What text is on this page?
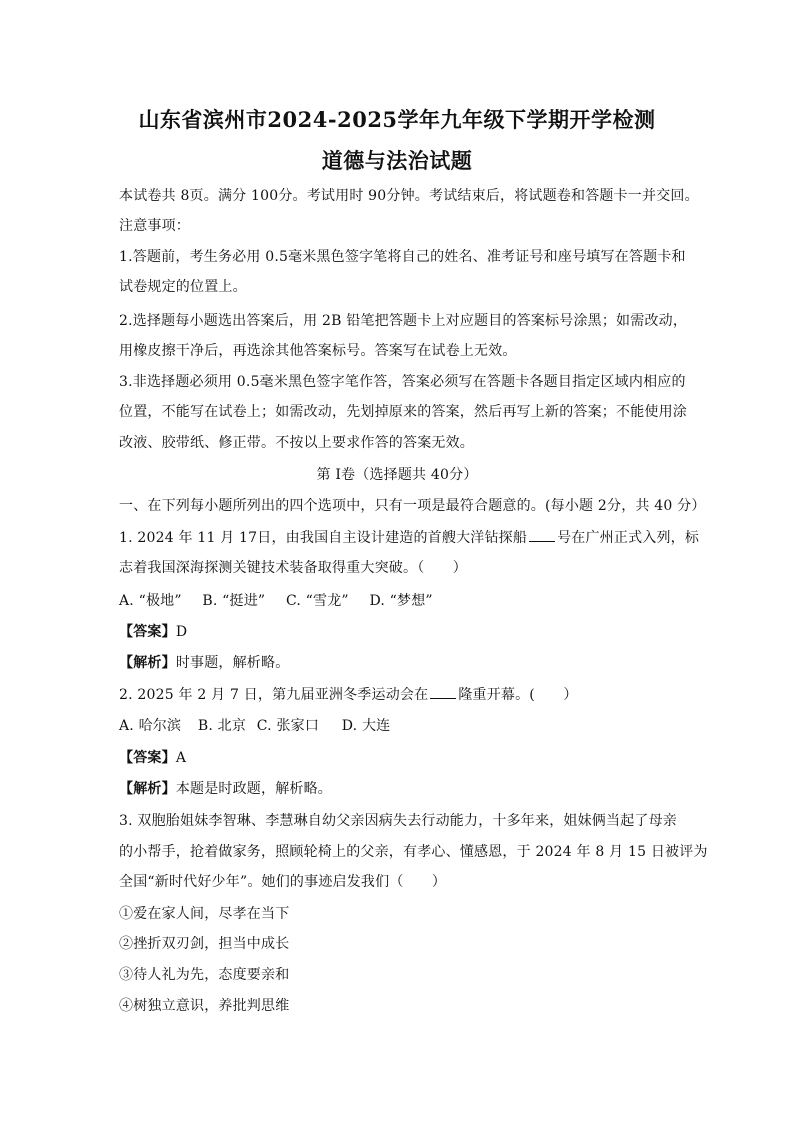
山东省滨州市2024-2025学年九年级下学期开学检测
道德与法治试题
本试卷共 8页。满分 100分。考试用时 90分钟。考试结束后，将试题卷和答题卡一并交回。
注意事项：
1.答题前，考生务必用 0.5毫米黑色签字笔将自己的姓名、准考证号和座号填写在答题卡和
试卷规定的位置上。
2.选择题每小题选出答案后，用 2B 铅笔把答题卡上对应题目的答案标号涂黑；如需改动，
用橡皮擦干净后，再选涂其他答案标号。答案写在试卷上无效。
3.非选择题必须用 0.5毫米黑色签字笔作答，答案必须写在答题卡各题目指定区域内相应的
位置，不能写在试卷上；如需改动，先划掉原来的答案，然后再写上新的答案；不能使用涂
改液、胶带纸、修正带。不按以上要求作答的答案无效。
第 I卷（选择题共 40分）
一、在下列每小题所列出的四个选项中，只有一项是最符合题意的。(每小题 2分，共 40 分）
1. 2024 年 11 月 17日，由我国自主设计建造的首艘大洋钻探船 号在广州正式入列，标
志着我国深海探测关键技术装备取得重大突破。（　　）
A. “极地” B. “挺进” C. “雪龙” D. “梦想”
【答案】D
【解析】时事题，解析略。
2. 2025 年 2 月 7 日，第九届亚洲冬季运动会在 隆重开幕。(　　）
A. 哈尔滨 B. 北京 C. 张家口 D. 大连
【答案】A
【解析】本题是时政题，解析略。
3. 双胞胎姐妹李智琳、李慧琳自幼父亲因病失去行动能力，十多年来，姐妹俩当起了母亲
的小帮手，抢着做家务，照顾轮椅上的父亲，有孝心、懂感恩，于 2024 年 8 月 15 日被评为
全国“新时代好少年”。她们的事迹启发我们（　　）
①爱在家人间，尽孝在当下
②挫折双刃剑，担当中成长
③待人礼为先，态度要亲和
④树独立意识，养批判思维
